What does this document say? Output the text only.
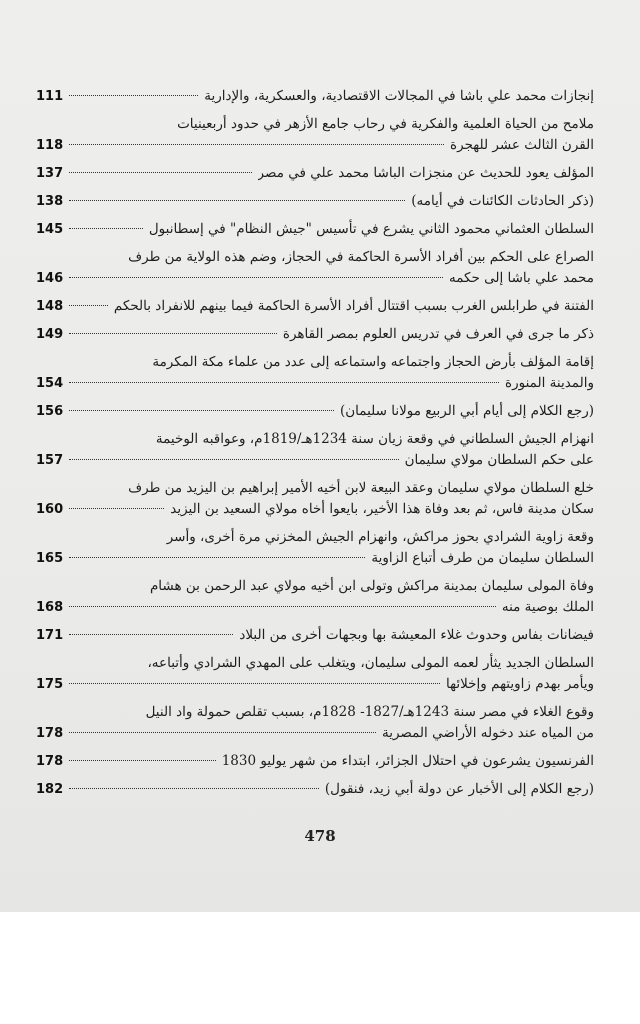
إنجازات محمد علي باشا في المجالات الاقتصادية، والعسكرية، والإدارية
111
ملامح من الحياة العلمية والفكرية في رحاب جامع الأزهر في حدود أربعينيات
القرن الثالث عشر للهجرة
118
المؤلف يعود للحديث عن منجزات الباشا محمد علي في مصر
137
(ذكر الحادثات الكائنات في أيامه)
138
السلطان العثماني محمود الثاني يشرع في تأسيس "جيش النظام" في إسطانبول
145
الصراع على الحكم بين أفراد الأسرة الحاكمة في الحجاز، وضم هذه الولاية من طرف
محمد علي باشا إلى حكمه
146
الفتنة في طرابلس الغرب بسبب اقتتال أفراد الأسرة الحاكمة فيما بينهم للانفراد بالحكم
148
ذكر ما جرى في العرف في تدريس العلوم بمصر القاهرة
149
إقامة المؤلف بأرض الحجاز واجتماعه واستماعه إلى عدد من علماء مكة المكرمة
والمدينة المنورة
154
(رجع الكلام إلى أيام أبي الربيع مولانا سليمان)
156
انهزام الجيش السلطاني في وقعة زيان سنة 1234هـ/1819م، وعواقبه الوخيمة
على حكم السلطان مولاي سليمان
157
خلع السلطان مولاي سليمان وعقد البيعة لابن أخيه الأمير إبراهيم بن اليزيد من طرف
سكان مدينة فاس، ثم بعد وفاة هذا الأخير، بايعوا أخاه مولاي السعيد بن اليزيد
160
وقعة زاوية الشرادي بحوز مراكش، وانهزام الجيش المخزني مرة أخرى، وأسر
السلطان سليمان من طرف أتباع الزاوية
165
وفاة المولى سليمان بمدينة مراكش وتولى ابن أخيه مولاي عبد الرحمن بن هشام
الملك بوصية منه
168
فيضانات بفاس وحدوث غلاء المعيشة بها وبجهات أخرى من البلاد
171
السلطان الجديد يثأر لعمه المولى سليمان، ويتغلب على المهدي الشرادي وأتباعه،
ويأمر بهدم زاويتهم وإخلائها
175
وقوع الغلاء في مصر سنة 1243هـ/1827- 1828م، بسبب تقلص حمولة واد النيل
من المياه عند دخوله الأراضي المصرية
178
الفرنسيون يشرعون في احتلال الجزائر، ابتداء من شهر يوليو 1830
178
(رجع الكلام إلى الأخبار عن دولة أبي زيد، فنقول)
182
478
